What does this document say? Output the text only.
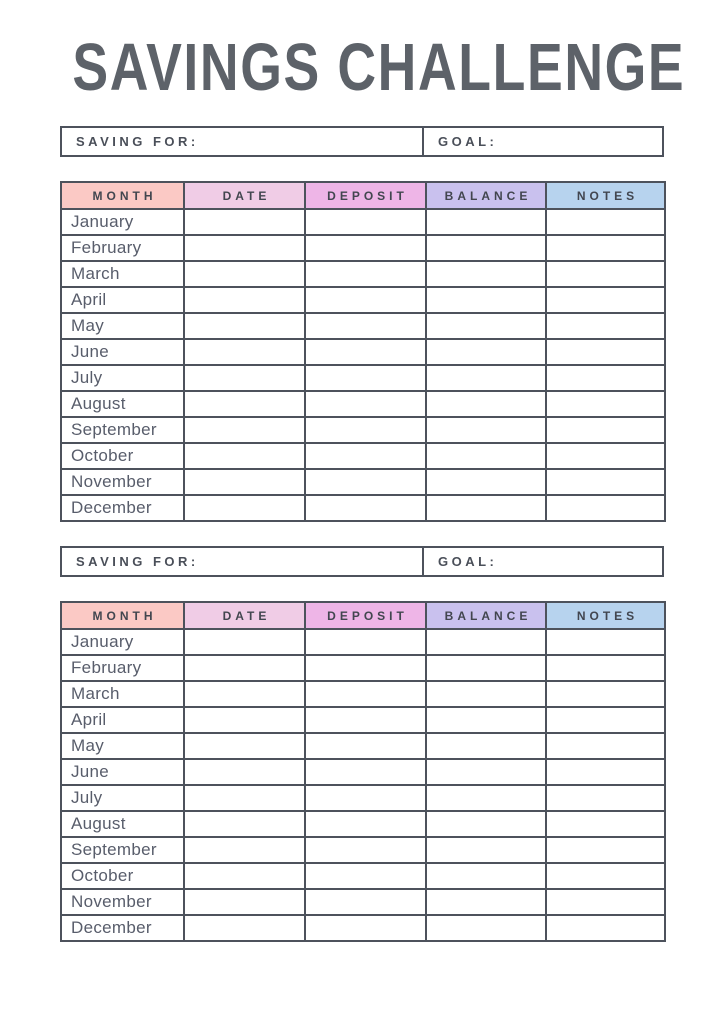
SAVINGS CHALLENGE
SAVING FOR:	GOAL:
MONTH	DATE	DEPOSIT	BALANCE	NOTES
January				
February				
March				
April				
May				
June				
July				
August				
September				
October				
November				
December				
SAVING FOR:	GOAL:
MONTH	DATE	DEPOSIT	BALANCE	NOTES
January				
February				
March				
April				
May				
June				
July				
August				
September				
October				
November				
December				
